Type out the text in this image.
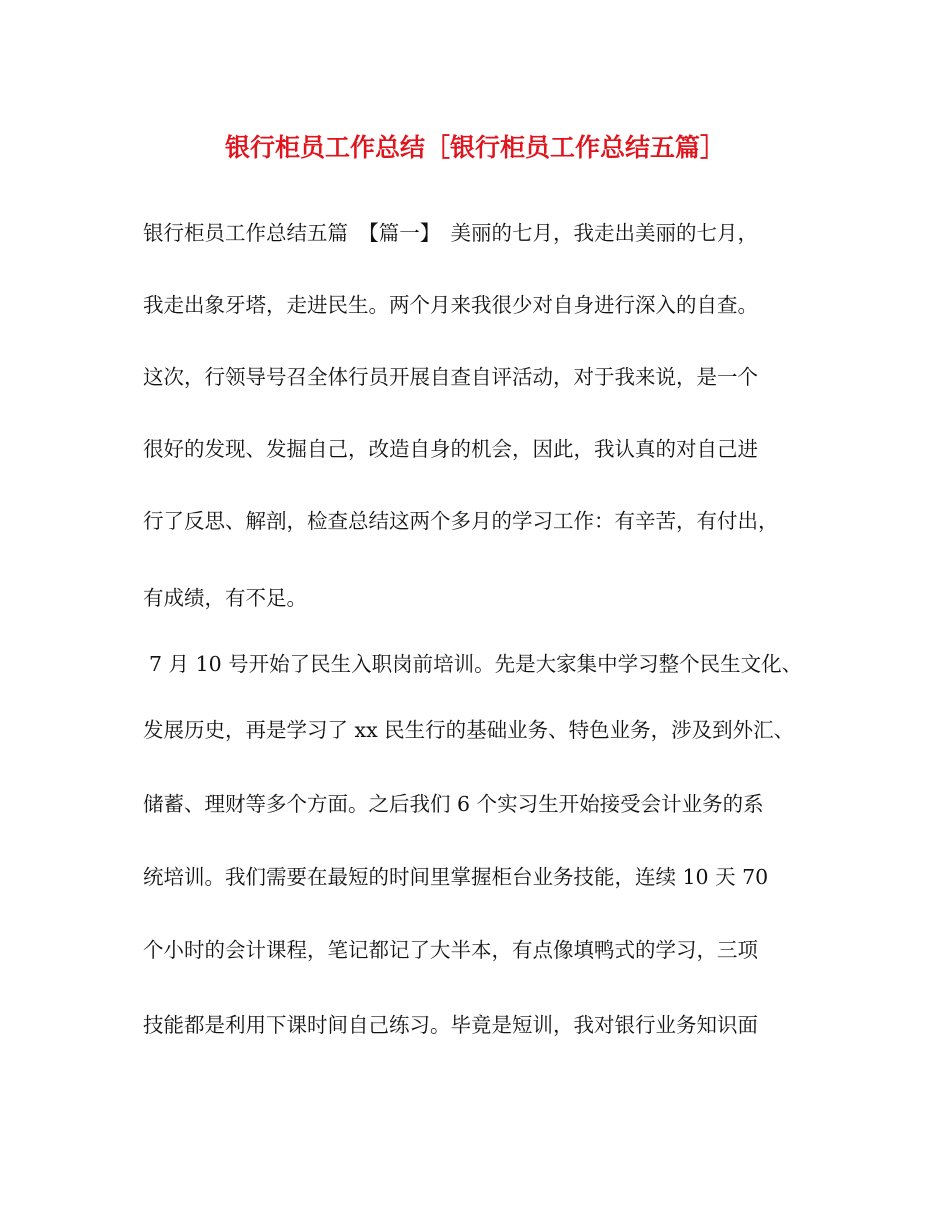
银行柜员工作总结［银行柜员工作总结五篇］
银行柜员工作总结五篇　【篇一】　美丽的七月，我走出美丽的七月，
我走出象牙塔，走进民生。两个月来我很少对自身进行深入的自查。
这次，行领导号召全体行员开展自查自评活动，对于我来说，是一个
很好的发现、发掘自己，改造自身的机会，因此，我认真的对自己进
行了反思、解剖，检查总结这两个多月的学习工作：有辛苦，有付出，
有成绩，有不足。
7 月 10 号开始了民生入职岗前培训。先是大家集中学习整个民生文化、
发展历史，再是学习了 xx 民生行的基础业务、特色业务，涉及到外汇、
储蓄、理财等多个方面。之后我们 6 个实习生开始接受会计业务的系
统培训。我们需要在最短的时间里掌握柜台业务技能，连续 10 天 70
个小时的会计课程，笔记都记了大半本，有点像填鸭式的学习，三项
技能都是利用下课时间自己练习。毕竟是短训，我对银行业务知识面
